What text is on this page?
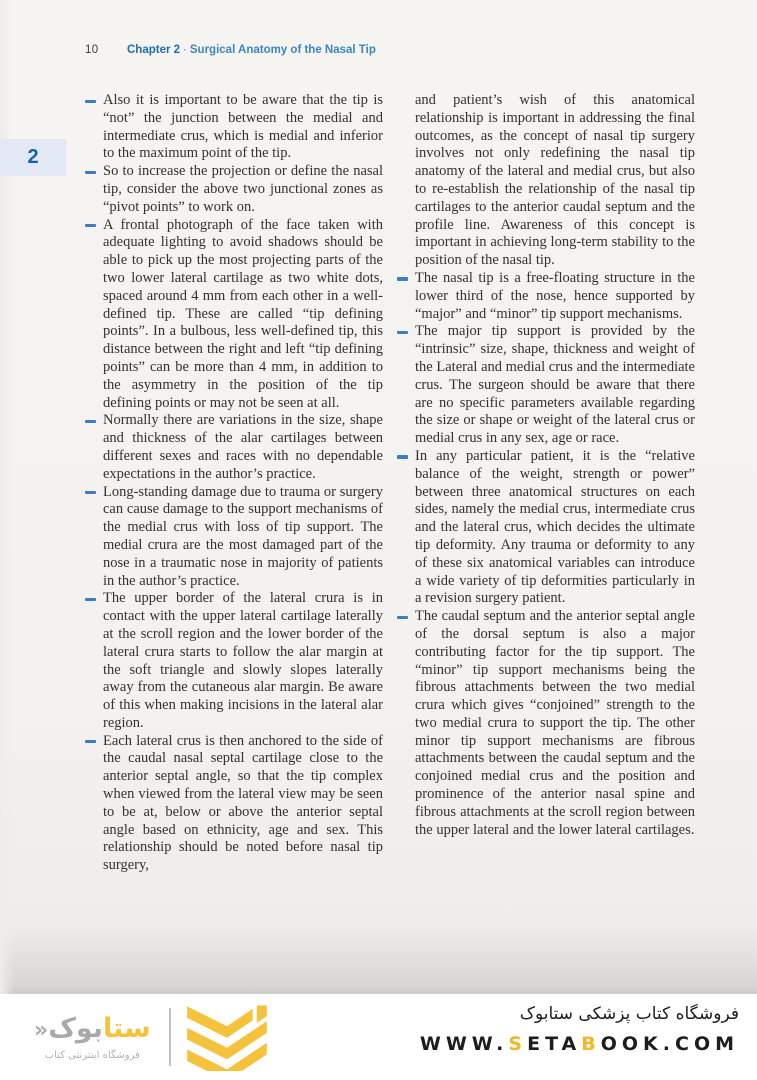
10 Chapter 2 · Surgical Anatomy of the Nasal Tip
2

Also it is important to be aware that the tip is “not” the junction between the medial and intermediate crus, which is medial and inferior to the maximum point of the tip.

So to increase the projection or define the nasal tip, consider the above two junctional zones as “pivot points” to work on.

A frontal photograph of the face taken with adequate lighting to avoid shadows should be able to pick up the most projecting parts of the two lower lateral cartilage as two white dots, spaced around 4 mm from each other in a well-defined tip. These are called “tip defining points”. In a bulbous, less well-defined tip, this distance between the right and left “tip defining points” can be more than 4 mm, in addition to the asymmetry in the position of the tip defining points or may not be seen at all.

Normally there are variations in the size, shape and thickness of the alar cartilages between different sexes and races with no dependable expectations in the author’s practice.

Long-standing damage due to trauma or surgery can cause damage to the support mechanisms of the medial crus with loss of tip support. The medial crura are the most damaged part of the nose in a traumatic nose in majority of patients in the author’s practice.

The upper border of the lateral crura is in contact with the upper lateral cartilage laterally at the scroll region and the lower border of the lateral crura starts to follow the alar margin at the soft triangle and slowly slopes laterally away from the cutaneous alar margin. Be aware of this when making incisions in the lateral alar region.

Each lateral crus is then anchored to the side of the caudal nasal septal cartilage close to the anterior septal angle, so that the tip complex when viewed from the lateral view may be seen to be at, below or above the anterior septal angle based on ethnicity, age and sex. This relationship should be noted before nasal tip surgery,

and patient’s wish of this anatomical relationship is important in addressing the final outcomes, as the concept of nasal tip surgery involves not only redefining the nasal tip anatomy of the lateral and medial crus, but also to re-establish the relationship of the nasal tip cartilages to the anterior caudal septum and the profile line. Awareness of this concept is important in achieving long-term stability to the position of the nasal tip.

The nasal tip is a free-floating structure in the lower third of the nose, hence supported by “major” and “minor” tip support mechanisms.

The major tip support is provided by the “intrinsic” size, shape, thickness and weight of the Lateral and medial crus and the intermediate crus. The surgeon should be aware that there are no specific parameters available regarding the size or shape or weight of the lateral crus or medial crus in any sex, age or race.

In any particular patient, it is the “relative balance of the weight, strength or power” between three anatomical structures on each sides, namely the medial crus, intermediate crus and the lateral crus, which decides the ultimate tip deformity. Any trauma or deformity to any of these six anatomical variables can introduce a wide variety of tip deformities particularly in a revision surgery patient.

The caudal septum and the anterior septal angle of the dorsal septum is also a major contributing factor for the tip support. The “minor” tip support mechanisms being the fibrous attachments between the two medial crura which gives “conjoined” strength to the two medial crura to support the tip. The other minor tip support mechanisms are fibrous attachments between the caudal septum and the conjoined medial crus and the position and prominence of the anterior nasal spine and fibrous attachments at the scroll region between the upper lateral and the lower lateral cartilages.

ستابوک«
فروشگاه اینترنتی کتاب
فروشگاه کتاب پزشکی ستابوک
WWW.SETABOOK.COM
